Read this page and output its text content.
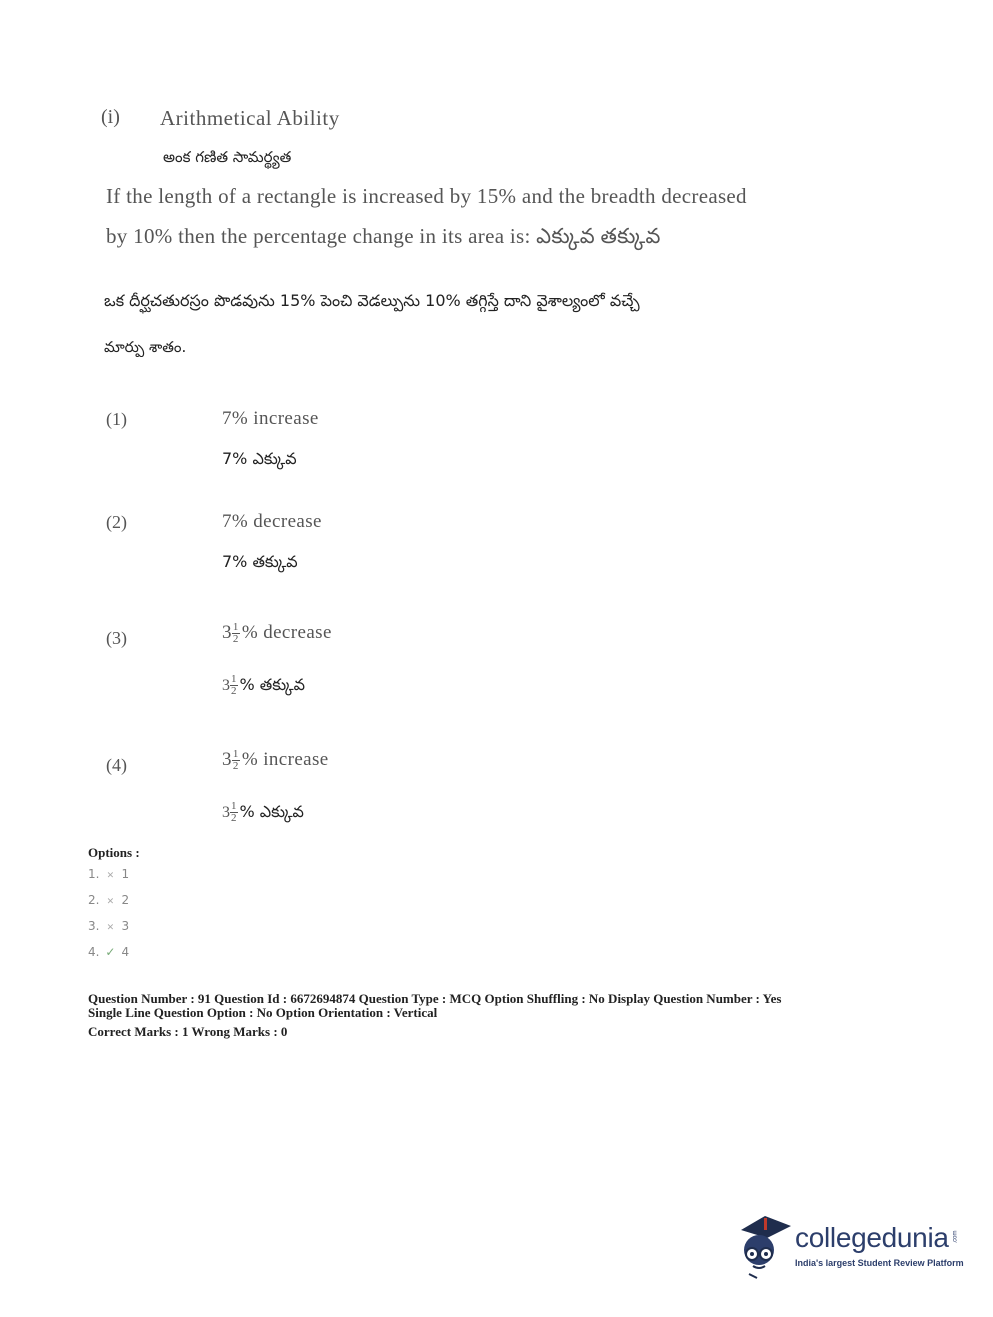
(i) Arithmetical Ability
అంక గణిత సామర్థ్యత
If the length of a rectangle is increased by 15% and the breadth decreased
by 10% then the percentage change in its area is: ఎక్కువ తక్కువ
ఒక దీర్ఘచతురస్రం పొడవును 15% పెంచి వెడల్పును 10% తగ్గిస్తే దాని వైశాల్యంలో వచ్చే
మార్పు శాతం.
(1)	7% increase
7% ఎక్కువ
(2)	7% decrease
7% తక్కువ
(3)	$3 \frac{1}{2}$ % decrease
$3 \frac{1}{2}$ % తక్కువ
(4)	$3 \frac{1}{2}$ % increase
$3 \frac{1}{2}$ % ఎక్కువ
Options :
1. ✕ 1
2. ✕ 2
3. ✕ 3
4. ✓ 4
Question Number : 91 Question Id : 6672694874 Question Type : MCQ Option Shuffling : No Display Question Number : Yes
Single Line Question Option : No Option Orientation : Vertical
Correct Marks : 1 Wrong Marks : 0
collegedunia .com
India's largest Student Review Platform
